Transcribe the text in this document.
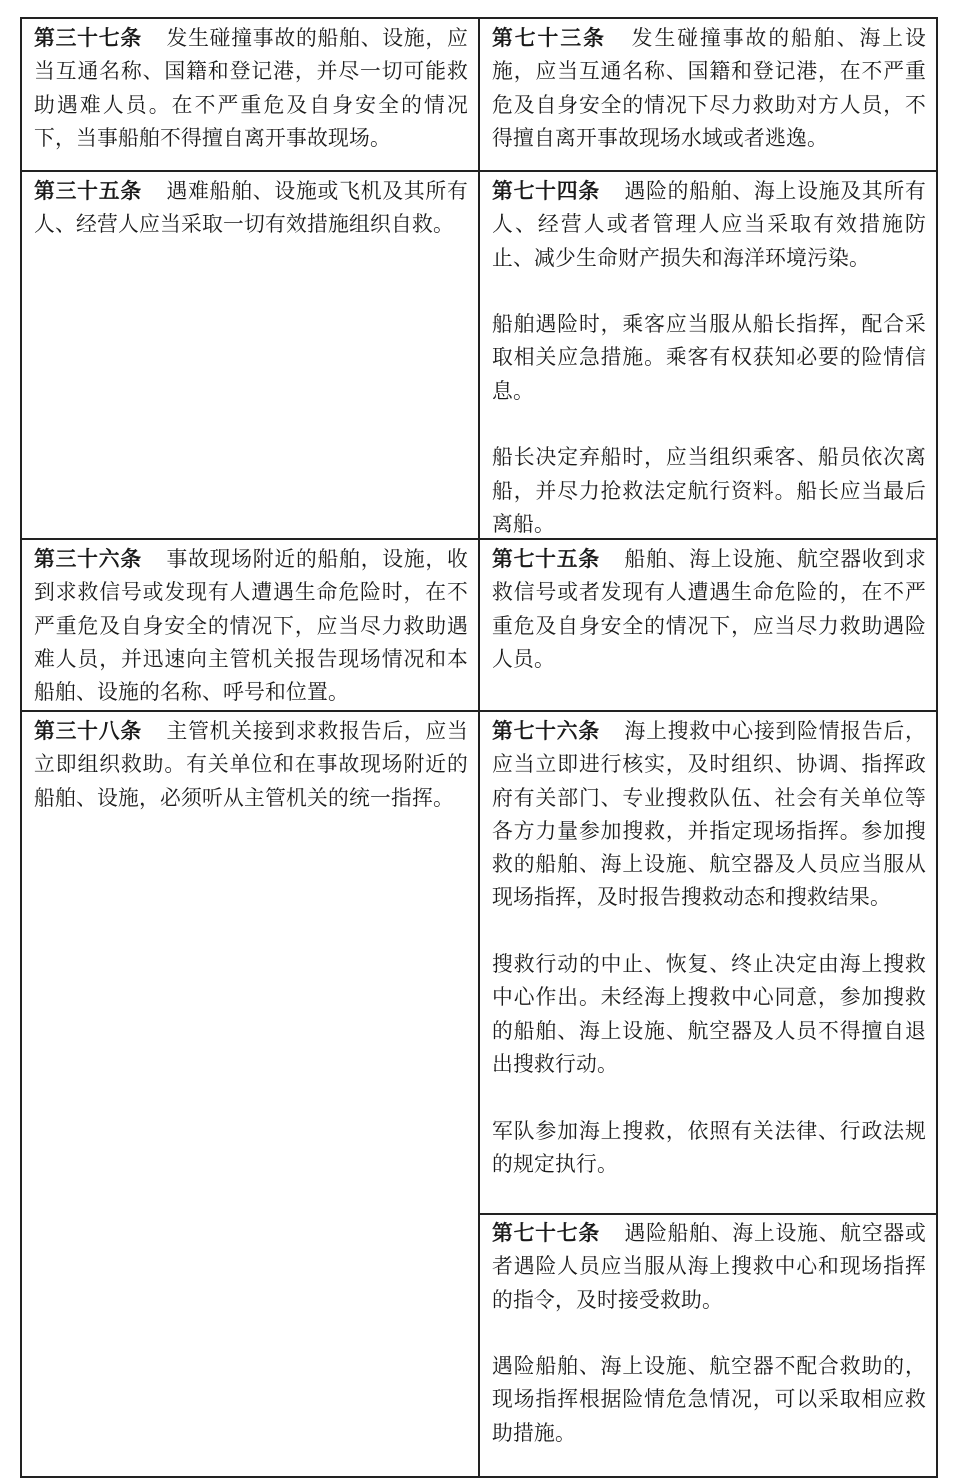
第三十七条 发生碰撞事故的船舶、设施，应当互通名称、国籍和登记港，并尽一切可能救助遇难人员。在不严重危及自身安全的情况下，当事船舶不得擅自离开事故现场。

第七十三条 发生碰撞事故的船舶、海上设施，应当互通名称、国籍和登记港，在不严重危及自身安全的情况下尽力救助对方人员，不得擅自离开事故现场水域或者逃逸。

第三十五条 遇难船舶、设施或飞机及其所有人、经营人应当采取一切有效措施组织自救。

第七十四条 遇险的船舶、海上设施及其所有人、经营人或者管理人应当采取有效措施防止、减少生命财产损失和海洋环境污染。

船舶遇险时，乘客应当服从船长指挥，配合采取相关应急措施。乘客有权获知必要的险情信息。

船长决定弃船时，应当组织乘客、船员依次离船，并尽力抢救法定航行资料。船长应当最后离船。

第三十六条 事故现场附近的船舶，设施，收到求救信号或发现有人遭遇生命危险时，在不严重危及自身安全的情况下，应当尽力救助遇难人员，并迅速向主管机关报告现场情况和本船舶、设施的名称、呼号和位置。

第七十五条 船舶、海上设施、航空器收到求救信号或者发现有人遭遇生命危险的，在不严重危及自身安全的情况下，应当尽力救助遇险人员。

第三十八条 主管机关接到求救报告后，应当立即组织救助。有关单位和在事故现场附近的船舶、设施，必须听从主管机关的统一指挥。

第七十六条 海上搜救中心接到险情报告后，应当立即进行核实，及时组织、协调、指挥政府有关部门、专业搜救队伍、社会有关单位等各方力量参加搜救，并指定现场指挥。参加搜救的船舶、海上设施、航空器及人员应当服从现场指挥，及时报告搜救动态和搜救结果。

搜救行动的中止、恢复、终止决定由海上搜救中心作出。未经海上搜救中心同意，参加搜救的船舶、海上设施、航空器及人员不得擅自退出搜救行动。

军队参加海上搜救，依照有关法律、行政法规的规定执行。

第七十七条 遇险船舶、海上设施、航空器或者遇险人员应当服从海上搜救中心和现场指挥的指令，及时接受救助。

遇险船舶、海上设施、航空器不配合救助的，现场指挥根据险情危急情况，可以采取相应救助措施。
